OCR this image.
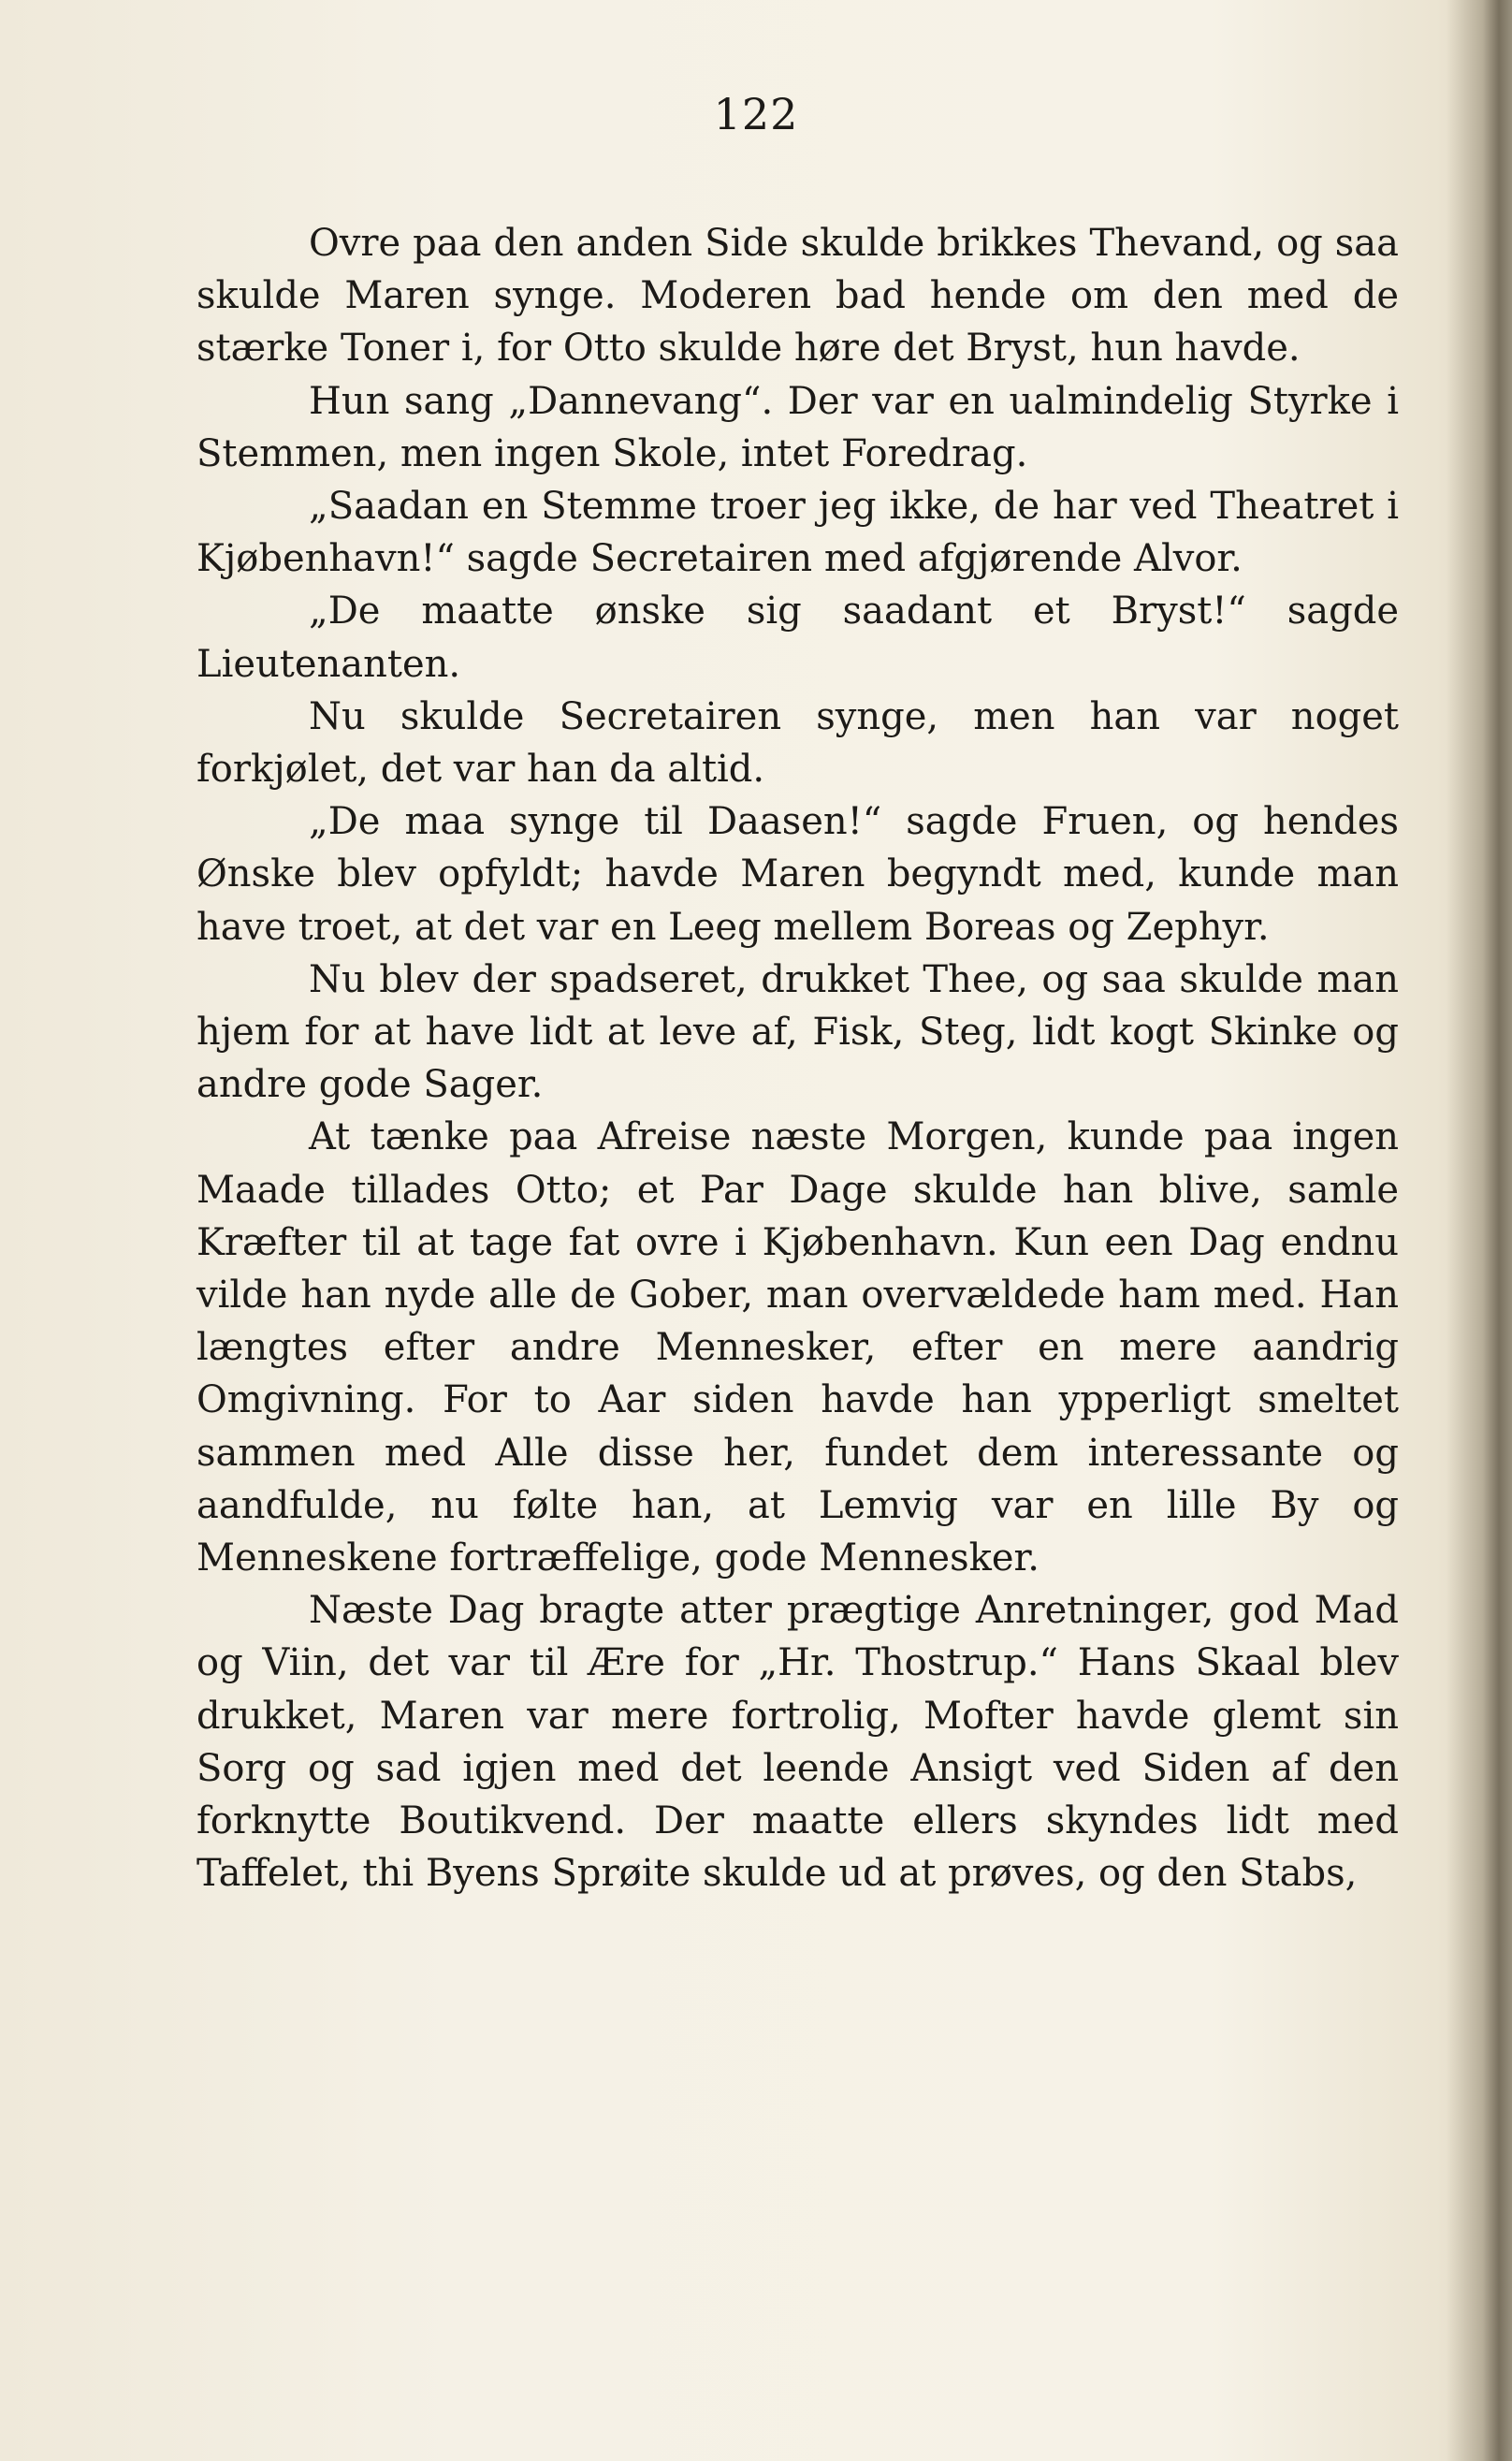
122

Ovre paa den anden Side skulde brikkes Thevand, og saa skulde Maren synge. Moderen bad hende om den med de stærke Toner i, for Otto skulde høre det Bryst, hun havde.

Hun sang „Dannevang“. Der var en ualmindelig Styrke i Stemmen, men ingen Skole, intet Foredrag.

„Saadan en Stemme troer jeg ikke, de har ved Theatret i Kjøbenhavn!“ sagde Secretairen med afgjørende Alvor.

„De maatte ønske sig saadant et Bryst!“ sagde Lieutenanten.

Nu skulde Secretairen synge, men han var noget forkjølet, det var han da altid.

„De maa synge til Daasen!“ sagde Fruen, og hendes Ønske blev opfyldt; havde Maren begyndt med, kunde man have troet, at det var en Leeg mellem Boreas og Zephyr.

Nu blev der spadseret, drukket Thee, og saa skulde man hjem for at have lidt at leve af, Fisk, Steg, lidt kogt Skinke og andre gode Sager.

At tænke paa Afreise næste Morgen, kunde paa ingen Maade tillades Otto; et Par Dage skulde han blive, samle Kræfter til at tage fat ovre i Kjøbenhavn. Kun een Dag endnu vilde han nyde alle de Gober, man overvældede ham med. Han længtes efter andre Mennesker, efter en mere aandrig Omgivning. For to Aar siden havde han ypperligt smeltet sammen med Alle disse her, fundet dem interessante og aandfulde, nu følte han, at Lemvig var en lille By og Menneskene fortræffelige, gode Mennesker.

Næste Dag bragte atter prægtige Anretninger, god Mad og Viin, det var til Ære for „Hr. Thostrup.“ Hans Skaal blev drukket, Maren var mere fortrolig, Mofter havde glemt sin Sorg og sad igjen med det leende Ansigt ved Siden af den forknytte Boutikvend. Der maatte ellers skyndes lidt med Taffelet, thi Byens Sprøite skulde ud at prøves, og den Stabs,
